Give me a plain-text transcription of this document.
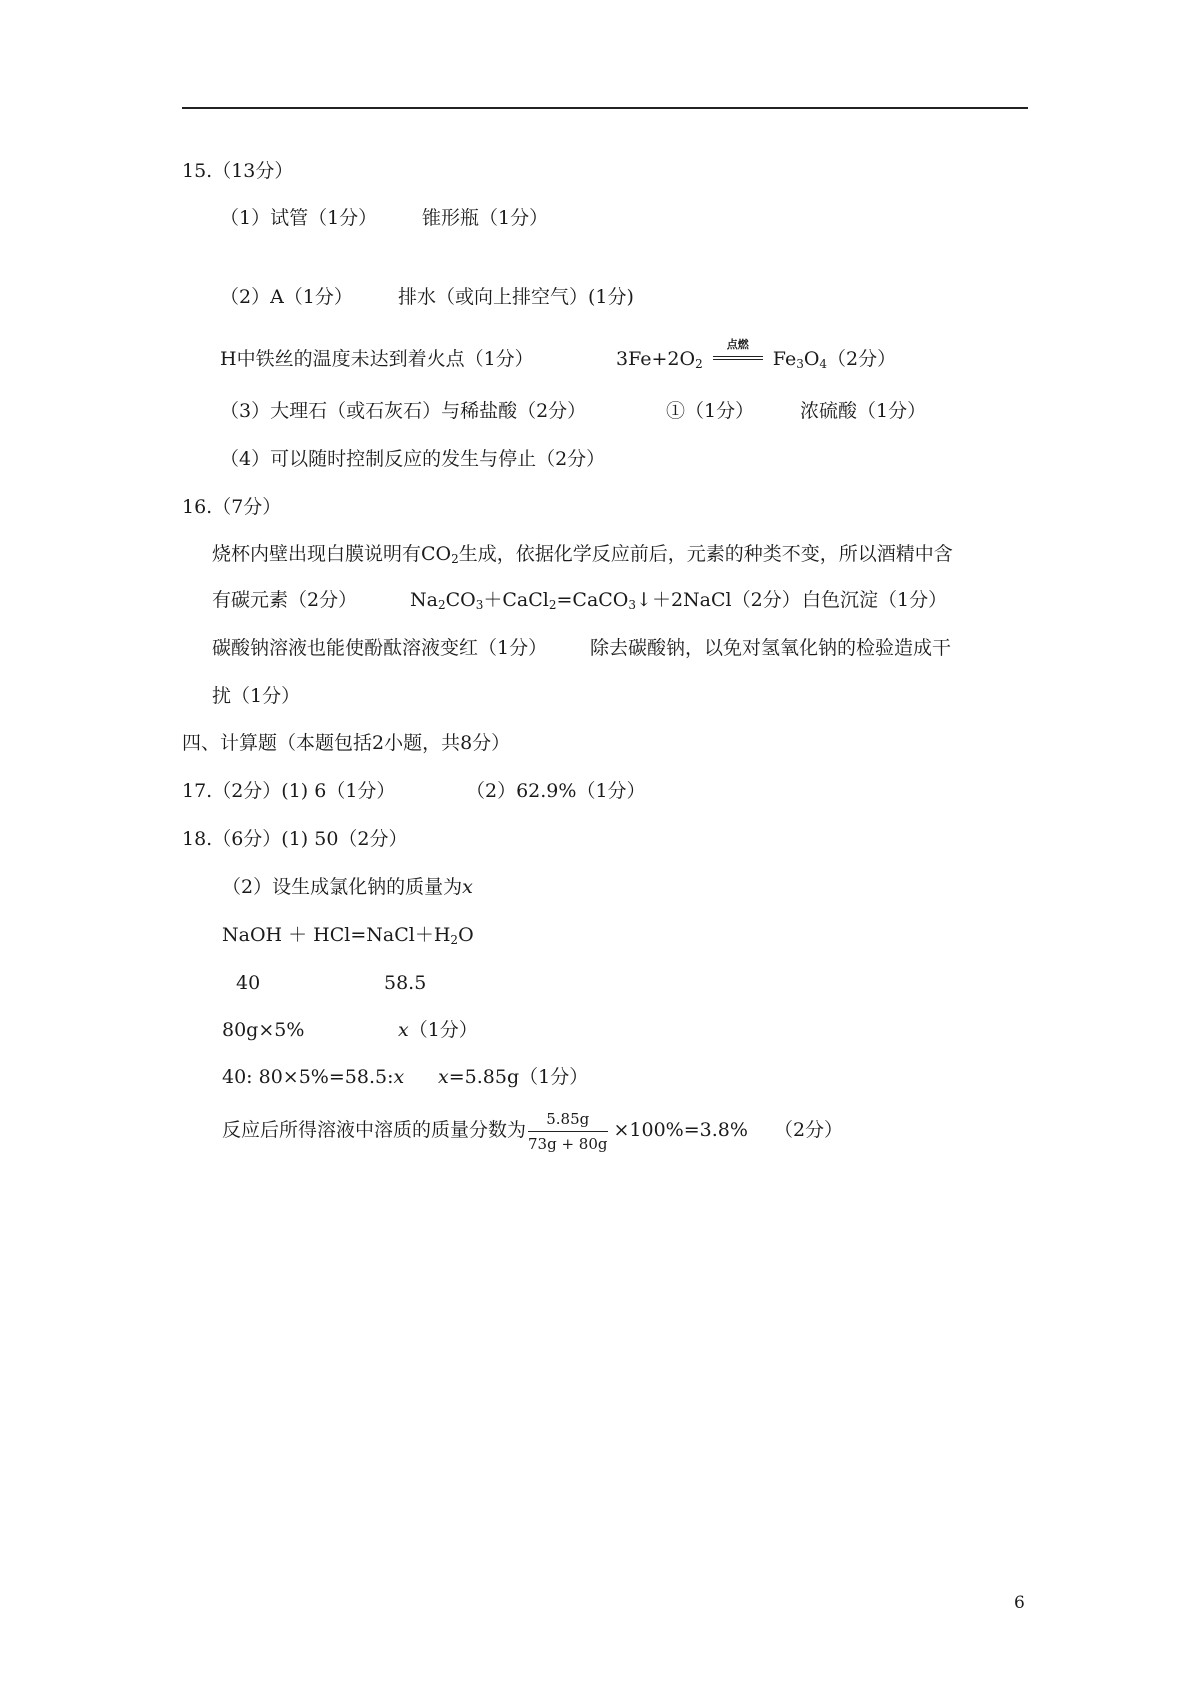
15.（13分）
（1）试管（1分） 锥形瓶（1分）
（2）A（1分） 排水（或向上排空气）(1分)
H中铁丝的温度未达到着火点（1分）	$3Fe+2O_2$
点燃
$Fe_3O_4(2$分）
（3）大理石（或石灰石）与稀盐酸（2分）	①（1分） 浓硫酸（1分）
（4）可以随时控制反应的发生与停止（2分）
16.（7分）
烧杯内壁出现白膜说明有$CO_2$生成，依据化学反应前后，元素的种类不变，所以酒精中含
有碳元素（2分）	$Na_2CO_3+CaCl_2=CaCO_3↓+2NaCl(2$分） 白色沉淀（1分）
碳酸钠溶液也能使酚酞溶液变红（1分） 除去碳酸钠，以免对氢氧化钠的检验造成干
扰（1分）
四、计算题（本题包括2小题，共8分）
17.（2分）(1) 6（1分）	（2）62.9%（1分）
18.（6分）(1) 50（2分）
（2）设生成氯化钠的质量为x
NaOH ＋ $HCl=NaCl+H_2O$
40	58.5
80g×5%	x（1分）
40: 80×5%=58.5:x x=5.85g（1分）
反应后所得溶液中溶质的质量分数为 $\frac{5.85g}{73g + 80g} \times 100\%=3.8\%$ （2分）
6
